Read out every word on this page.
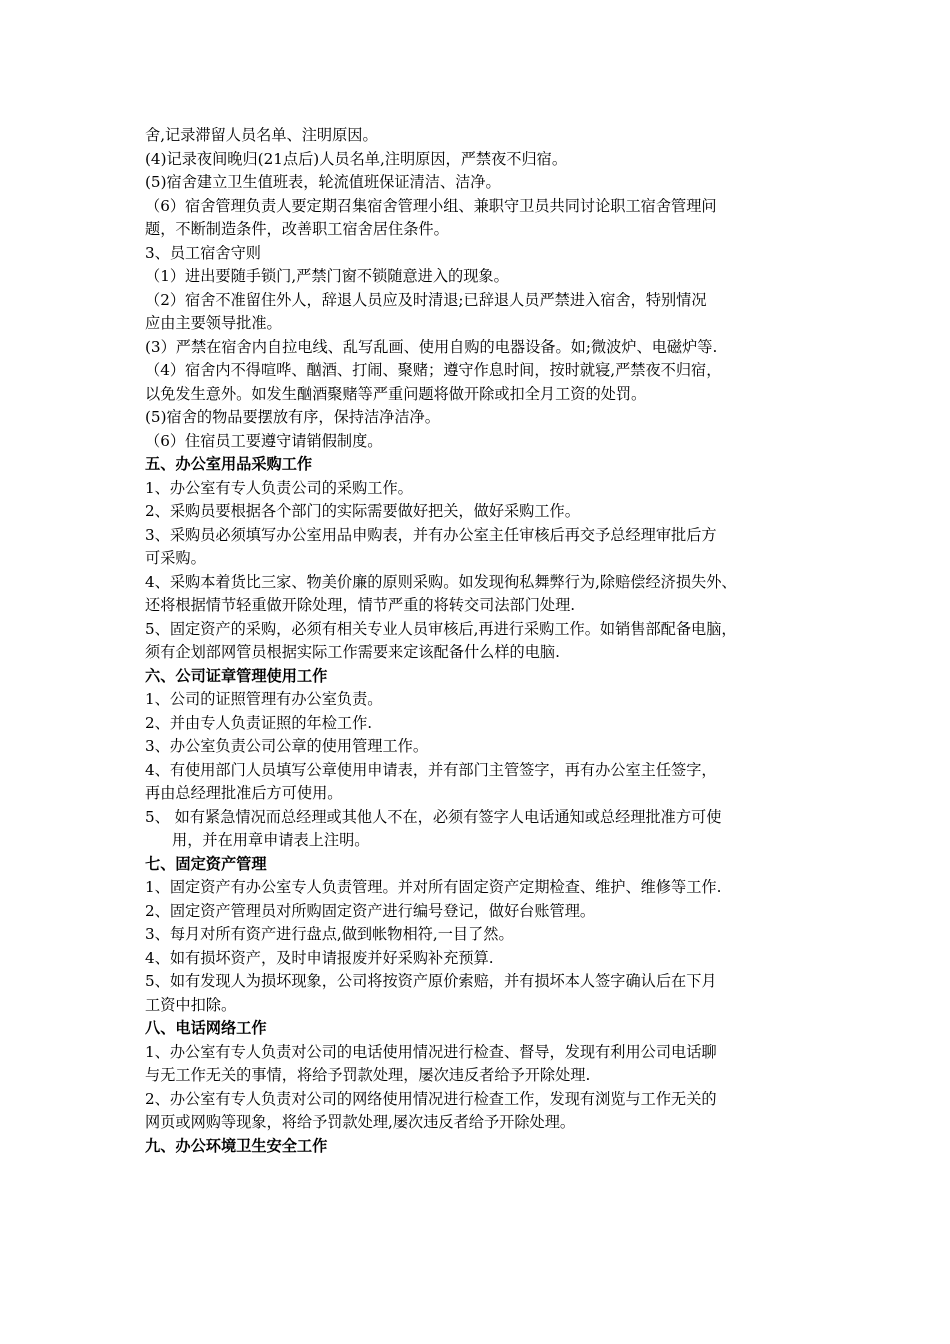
舍,记录滞留人员名单、注明原因。
(4)记录夜间晚归(21点后)人员名单,注明原因，严禁夜不归宿。
(5)宿舍建立卫生值班表，轮流值班保证清洁、洁净。
（6）宿舍管理负责人要定期召集宿舍管理小组、兼职守卫员共同讨论职工宿舍管理问
题，不断制造条件，改善职工宿舍居住条件。
3、员工宿舍守则
（1）进出要随手锁门,严禁门窗不锁随意进入的现象。
（2）宿舍不准留住外人，辞退人员应及时清退;已辞退人员严禁进入宿舍，特别情况
应由主要领导批准。
(3）严禁在宿舍内自拉电线、乱写乱画、使用自购的电器设备。如;微波炉、电磁炉等.
（4）宿舍内不得喧哗、酗酒、打闹、聚赌；遵守作息时间，按时就寝,严禁夜不归宿，
以免发生意外。如发生酗酒聚赌等严重问题将做开除或扣全月工资的处罚。
(5)宿舍的物品要摆放有序，保持洁净洁净。
（6）住宿员工要遵守请销假制度。
五、办公室用品采购工作
1、办公室有专人负责公司的采购工作。
2、采购员要根据各个部门的实际需要做好把关，做好采购工作。
3、采购员必须填写办公室用品申购表，并有办公室主任审核后再交予总经理审批后方
可采购。
4、采购本着货比三家、物美价廉的原则采购。如发现徇私舞弊行为,除赔偿经济损失外、
还将根据情节轻重做开除处理，情节严重的将转交司法部门处理.
5、固定资产的采购，必须有相关专业人员审核后,再进行采购工作。如销售部配备电脑，
须有企划部网管员根据实际工作需要来定该配备什么样的电脑.
六、公司证章管理使用工作
1、公司的证照管理有办公室负责。
2、并由专人负责证照的年检工作.
3、办公室负责公司公章的使用管理工作。
4、有使用部门人员填写公章使用申请表，并有部门主管签字，再有办公室主任签字，
再由总经理批准后方可使用。
5、 如有紧急情况而总经理或其他人不在，必须有签字人电话通知或总经理批准方可使
用，并在用章申请表上注明。
七、固定资产管理
1、固定资产有办公室专人负责管理。并对所有固定资产定期检查、维护、维修等工作.
2、固定资产管理员对所购固定资产进行编号登记，做好台账管理。
3、每月对所有资产进行盘点,做到帐物相符,一目了然。
4、如有损坏资产，及时申请报废并好采购补充预算.
5、如有发现人为损坏现象，公司将按资产原价索赔，并有损坏本人签字确认后在下月
工资中扣除。
八、电话网络工作
1、办公室有专人负责对公司的电话使用情况进行检查、督导，发现有利用公司电话聊
与无工作无关的事情，将给予罚款处理，屡次违反者给予开除处理.
2、办公室有专人负责对公司的网络使用情况进行检查工作，发现有浏览与工作无关的
网页或网购等现象，将给予罚款处理,屡次违反者给予开除处理。
九、办公环境卫生安全工作
